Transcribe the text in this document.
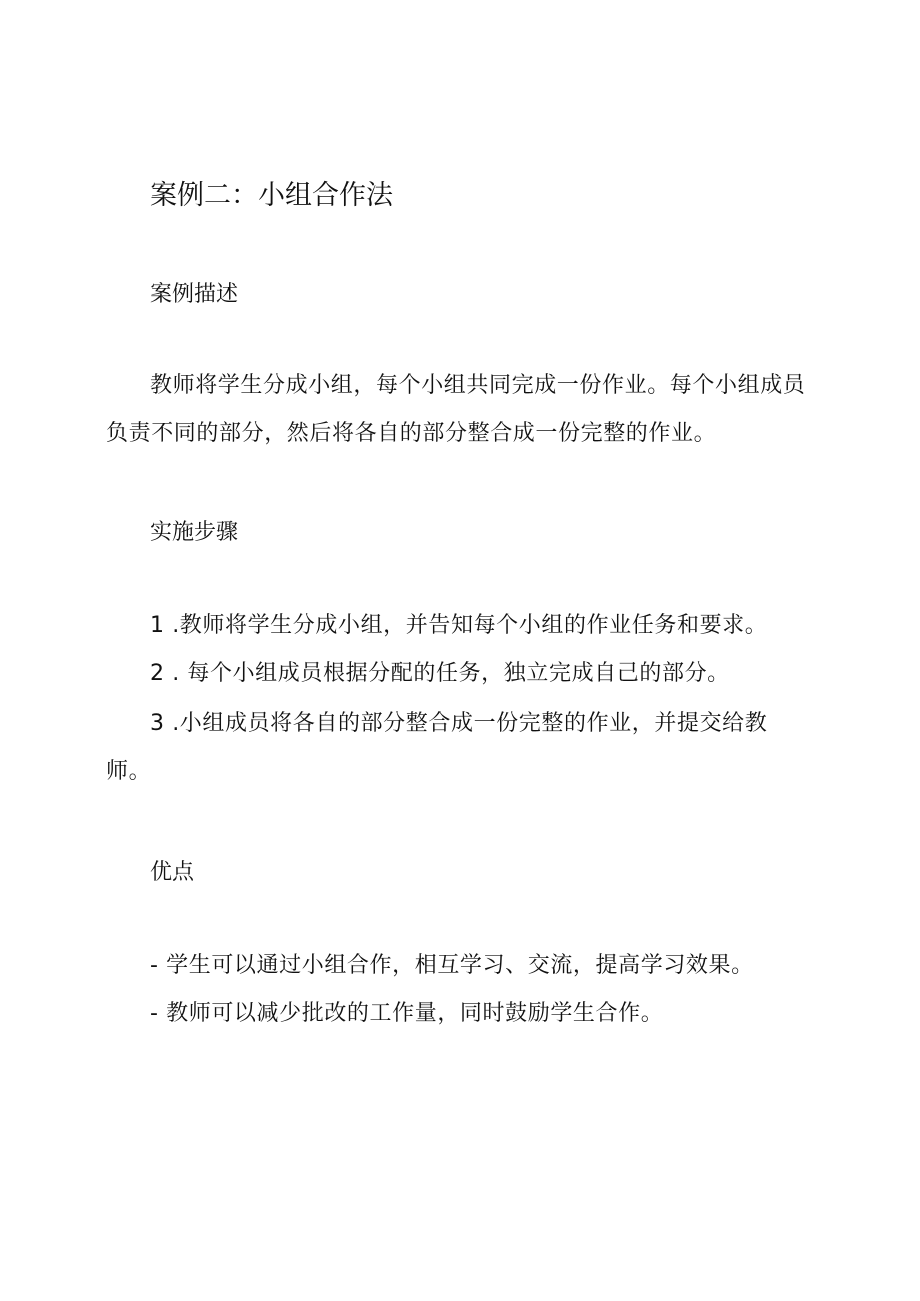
案例二：小组合作法
案例描述

教师将学生分成小组，每个小组共同完成一份作业。每个小组成员负责不同的部分，然后将各自的部分整合成一份完整的作业。

实施步骤

1 .教师将学生分成小组，并告知每个小组的作业任务和要求。

2 . 每个小组成员根据分配的任务，独立完成自己的部分。

3 .小组成员将各自的部分整合成一份完整的作业，并提交给教师。

优点

- 学生可以通过小组合作，相互学习、交流，提高学习效果。

- 教师可以减少批改的工作量，同时鼓励学生合作。
